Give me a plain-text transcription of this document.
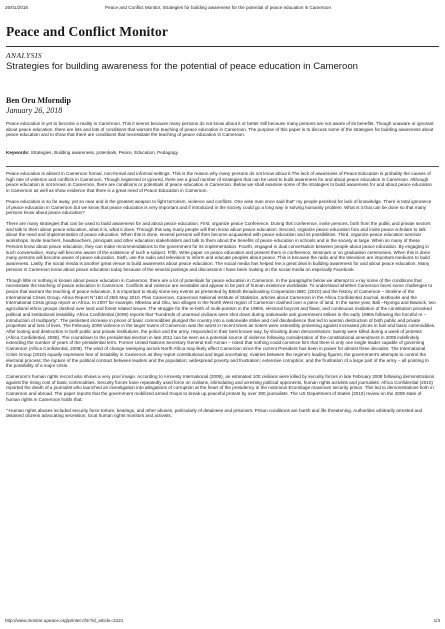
26/01/2018	Peace and Conflict Monitor, Strategies for building awareness for the potential of peace education in Cameroon
Peace and Conflict Monitor
ANALYSIS
Strategies for building awareness for the potential of peace education in Cameroon
Ben Oru Mforndip
January 26, 2018

Peace education is yet to become a reality in Cameroon. This it seems because many persons do not know about it or better still because many persons are not aware of its benefits. Though unaware or ignorant about peace education, there are lots and lots of conditions that warrant the teaching of peace education in Cameroon. The purpose of this paper is to discuss some of the strategies for building awareness about peace education and to show that there are conditions that necessitate the teaching of peace education in Cameroon.

Keywords: Strategies, Building awareness, potentials, Peace, Education, Pedagogy.

Peace education is absent in Cameroon formal, non-formal and informal settings. This is the reason why many persons do not know about it.The lack of awareness of Peace Education is probably the causes of high rate of violence and conflicts in Cameroon. Though neglected or ignored, there are a good number of strategies that can be used to build awareness for and about peace education in Cameroon. Although peace education is not known in Cameroon, there are conditions or potentials of peace education in Cameroon. Below we shall examine some of the strategies to build awareness for and about peace education in Cameroon as well as show evidence that there is a great need of Peace Education in Cameroon.

Peace education is so far away, yet so near and is the greatest weapon to fight terrorism, violence and conflicts. One wise man once said that" my people perished for lack of knowledge. There is total ignorance of peace education in Cameroon but we know that peace education is very important and if introduced in the society could go a long way in solving humanity problem. What is it that can be done so that many persons know about peace education?

There are many strategies that can be used to build awareness for and about peace education. First, organize peace Conference. During this conference, invite persons, both from the public and private sectors and talk to them about peace education, what it is, what it does. Through this way many people will then know about peace education. Second, organize peace education fora and invite peace scholars to talk about the need and implementation of peace education. When this is done, several persons will then become acquainted with peace education and its possibilities. Third, organize peace education seminar workshops. Invite teachers, headteachers, principals and other education stakeholders and talk to them about the benefits of peace education in schools and in the society at large. When so many of these Persons know about peace education, they can make recommendations to the government for its implementation. Fourth, engaged in dual conversation between people about peace education. By engaging in such conversation, many will become aware of the existence of such a subject. Fifth, Write paper on peace education and present them in conference, seminars or on graduation ceremonies. When this is done many persons will become aware of peace education. Sixth, use the radio and television to inform and educate peoples about peace. This is because the radio and the television are important mediums to build awareness. Lastly, the social media is another great venue to build awareness about peace education. The social media has helped me a great deal in building awareness for and about peace education. Many persons in Cameroon know about peace education today because of the several postings and discussions I have been making on the social media on especially Facebook.

Though little or nothing is known about peace education in Cameroon, there are a lot of potentials for peace education in Cameroon. In the paragraphs below we attempt to x-ray some of the conditions that necessitate the teaching of peace education in Cameroon. Conflicts and violence are inevitable and appear to be part of human existence worldwide. To understand whether Cameroon faces some challenges to peace that warrant the teaching of peace education, it is important to study some key events as presented by British Broadcasting Cooperation BBC (2010) and the history of Cameroon – timeline of the International Crises Group, Africa Report N°160 of 25th May 2010. Plan Cameroon, Cameroon National Institute of Statistics, articles about Cameroon in the Africa Confidential Journal, textbooks and the International Crisis group report on Africa. In 2007 for example, Mbessa and Oku, two villages in the North West region of Cameroon clashed over a piece of land. In the same year, Bali –Nyonga and Bawock, two agricultural ethnic groups clashed over land and forest related issues. The struggle for the re-birth of multi-partism in the 1990s, electoral boycott and flaws, and continuous mutilation of the constitution provoked political and institutional instability. Africa Confidential (2009) reports that "hundreds of unarmed civilians were shot down during nationwide anti government strikes in the early 1990s following the forceful re – introduction of multiparty". The persistent increase in prices of basic commodities plunged the country into a nationwide strike and civil disobedience that led to wanton destruction of both public and private properties and loss of lives. The February 2008 violence in the larger towns of Cameroon was the worst in recent times as rioters were ostensibly protesting against increased prices in fuel and basic commodities. After looting and destruction in both public and private institutions, the police and the army, responded in their best known way, by shooting down demonstrators: twenty were killed during a week of protests (Africa Confidential, 2008). The countdown to the presidential election in late 2011 can be seen as a potential source of violence following consideration of the constitutional amendment in 2008 indefinitely extending the number of years of the presidential term. Former United Nations Secretary General Kofi Annan – noted that nothing could convince him that there is only one single leader capable of governing Cameroon (Africa Confidential, 2008). The wind of change sweeping across North Africa may likely affect Cameroon since the current President has been in power for almost three decades. The International Crisis Group (2010) equally expresses fear of instability in Cameroon as they report constitutional and legal uncertainty; rivalries between the regime's leading figures; the government's attempts to control the electoral process; the rupture of the political contract between leaders and the population; widespread poverty and frustration; extensive corruption; and the frustration of a large part of the army – all pointing to the possibility of a major crisis.

Cameroon's human rights record also shows a very poor image. According to Amnesty International (2009), an estimated 100 civilians were killed by security forces in late February 2008 following demonstrations against the rising cost of basic commodities. Security forces have repeatedly used force on civilians, intimidating and arresting political opponents, human rights activists and journalists. Africa Confidential (2010) reported the death of a journalist who launched an investigation into allegations of corruption at the heart of the presidency in the notorious Ecomitage maximum security prison. This led to demonstrations both in Cameroon and abroad. The paper reports that the government mobilized armed troops to break up peaceful protest by over 300 journalists. The US Department of States (2010) review on the 2009 state of human rights in Cameroon holds that:

"-Human rights abuses included security force torture, beatings, and other abuses, particularly of detainees and prisoners. Prison conditions are harsh and life threatening. Authorities arbitrarily arrested and detained citizens advocating secession, local human rights monitors and activists,

http://www.monitor.upeace.org/printer.cfm?id_article=3121	1/3
